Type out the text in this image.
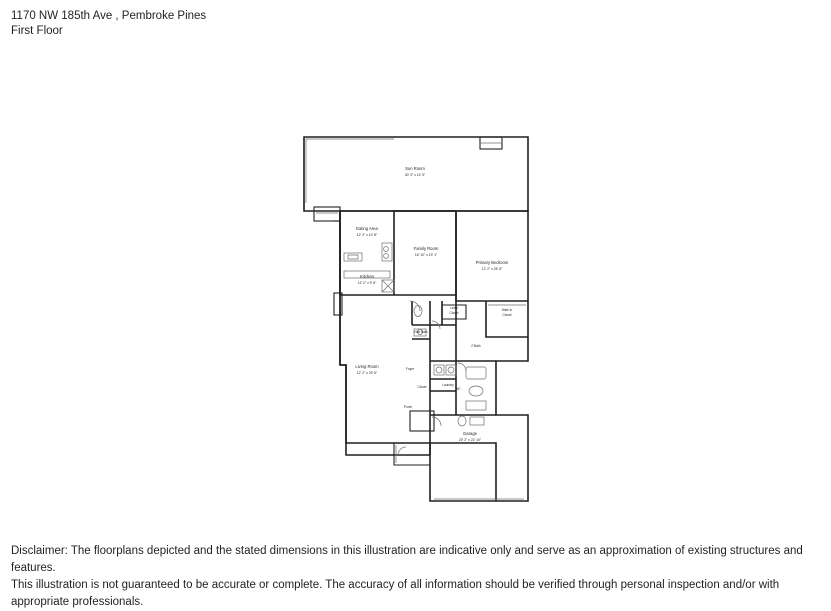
1170 NW 185th Ave , Pembroke Pines
First Floor
Sun Room
40' 3" x 14' 5"
Eating Area
12' 2" x 10' 8"
Family Room
16' 10" x 19' 1"
Primary Bedroom
12' 2" x 25' 8"
Kitchen
12' 2" x 9' 8"
Walk In
Closet
Linen
Closet
Half Bath
F.Bath
Living Room
12' 2" x 29' 5"
Foyer
Laundry
Closet	WC
Porch
Garage
20' 2" x 22' 10"
Disclaimer: The floorplans depicted and the stated dimensions in this illustration are indicative only and serve as an approximation of existing structures and features.
This illustration is not guaranteed to be accurate or complete. The accuracy of all information should be verified through personal inspection and/or with appropriate professionals.
